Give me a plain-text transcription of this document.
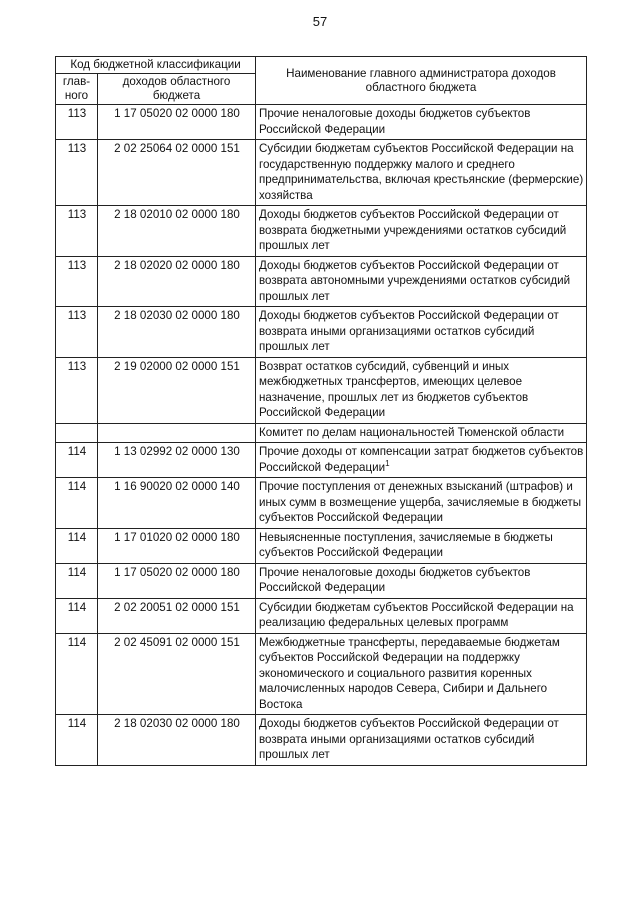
57
Код бюджетной классификации		Наименование главного администратора доходов областного бюджета
глав-ного	доходов областного бюджета	
113	1 17 05020 02 0000 180	Прочие неналоговые доходы бюджетов субъектов Российской Федерации
113	2 02 25064 02 0000 151	Субсидии бюджетам субъектов Российской Федерации на государственную поддержку малого и среднего предпринимательства, включая крестьянские (фермерские) хозяйства
113	2 18 02010 02 0000 180	Доходы бюджетов субъектов Российской Федерации от возврата бюджетными учреждениями остатков субсидий прошлых лет
113	2 18 02020 02 0000 180	Доходы бюджетов субъектов Российской Федерации от возврата автономными учреждениями остатков субсидий прошлых лет
113	2 18 02030 02 0000 180	Доходы бюджетов субъектов Российской Федерации от возврата иными организациями остатков субсидий прошлых лет
113	2 19 02000 02 0000 151	Возврат остатков субсидий, субвенций и иных межбюджетных трансфертов, имеющих целевое назначение, прошлых лет из бюджетов субъектов Российской Федерации
		Комитет по делам национальностей Тюменской области
114	1 13 02992 02 0000 130	Прочие доходы от компенсации затрат бюджетов субъектов Российской Федерации$^1$
114	1 16 90020 02 0000 140	Прочие поступления от денежных взысканий (штрафов) и иных сумм в возмещение ущерба, зачисляемые в бюджеты субъектов Российской Федерации
114	1 17 01020 02 0000 180	Невыясненные поступления, зачисляемые в бюджеты субъектов Российской Федерации
114	1 17 05020 02 0000 180	Прочие неналоговые доходы бюджетов субъектов Российской Федерации
114	2 02 20051 02 0000 151	Субсидии бюджетам субъектов Российской Федерации на реализацию федеральных целевых программ
114	2 02 45091 02 0000 151	Межбюджетные трансферты, передаваемые бюджетам субъектов Российской Федерации на поддержку экономического и социального развития коренных малочисленных народов Севера, Сибири и Дальнего Востока
114	2 18 02030 02 0000 180	Доходы бюджетов субъектов Российской Федерации от возврата иными организациями остатков субсидий прошлых лет
